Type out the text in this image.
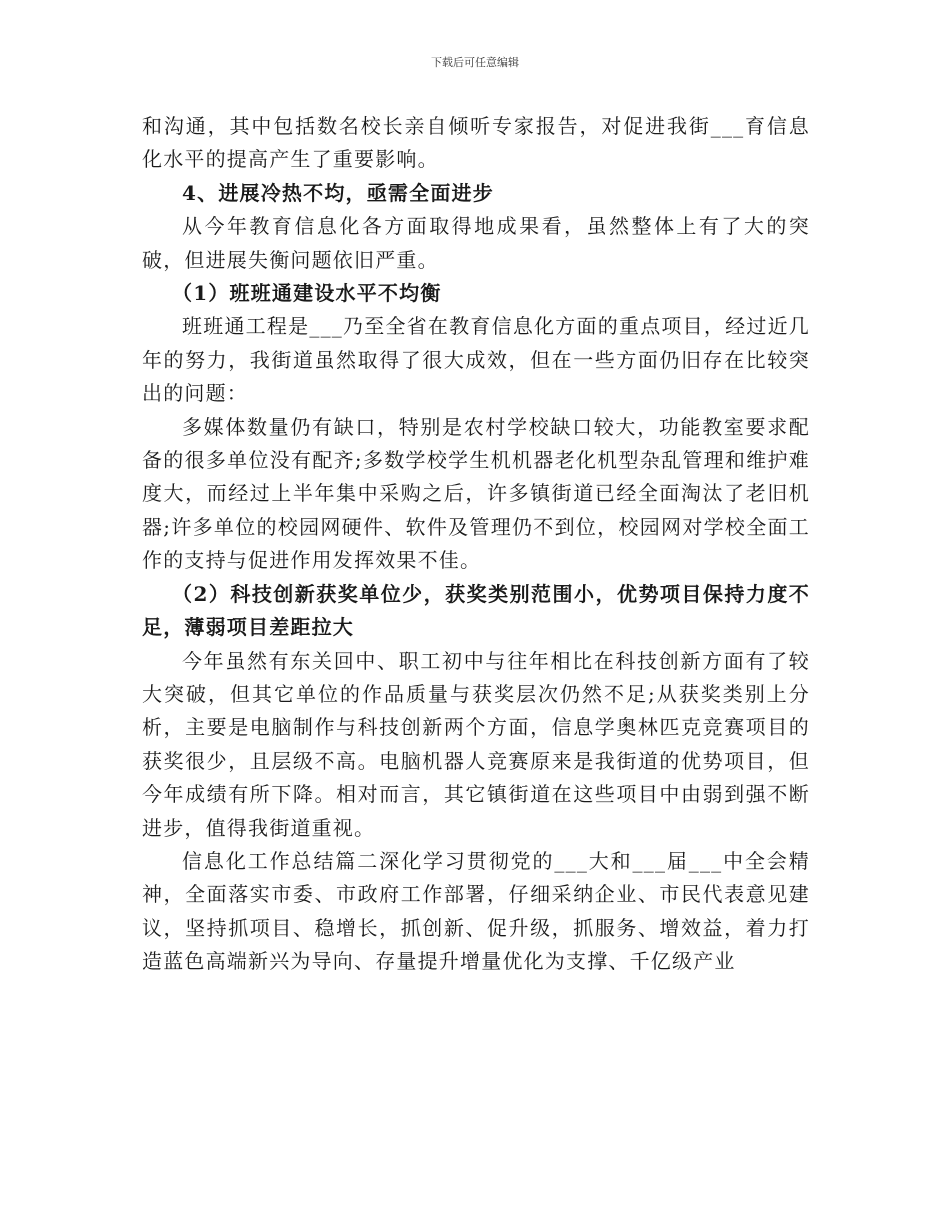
下载后可任意编辑

和沟通，其中包括数名校长亲自倾听专家报告，对促进我街___育信息化水平的提高产生了重要影响。

4、进展冷热不均，亟需全面进步

从今年教育信息化各方面取得地成果看，虽然整体上有了大的突破，但进展失衡问题依旧严重。

（1）班班通建设水平不均衡

班班通工程是___乃至全省在教育信息化方面的重点项目，经过近几年的努力，我街道虽然取得了很大成效，但在一些方面仍旧存在比较突出的问题：

多媒体数量仍有缺口，特别是农村学校缺口较大，功能教室要求配备的很多单位没有配齐;多数学校学生机机器老化机型杂乱管理和维护难度大，而经过上半年集中采购之后，许多镇街道已经全面淘汰了老旧机器;许多单位的校园网硬件、软件及管理仍不到位，校园网对学校全面工作的支持与促进作用发挥效果不佳。

（2）科技创新获奖单位少，获奖类别范围小，优势项目保持力度不足，薄弱项目差距拉大

今年虽然有东关回中、职工初中与往年相比在科技创新方面有了较大突破，但其它单位的作品质量与获奖层次仍然不足;从获奖类别上分析，主要是电脑制作与科技创新两个方面，信息学奥林匹克竞赛项目的获奖很少，且层级不高。电脑机器人竞赛原来是我街道的优势项目，但今年成绩有所下降。相对而言，其它镇街道在这些项目中由弱到强不断进步，值得我街道重视。

信息化工作总结篇二深化学习贯彻党的___大和___届___中全会精神，全面落实市委、市政府工作部署，仔细采纳企业、市民代表意见建议，坚持抓项目、稳增长，抓创新、促升级，抓服务、增效益，着力打造蓝色高端新兴为导向、存量提升增量优化为支撑、千亿级产业
